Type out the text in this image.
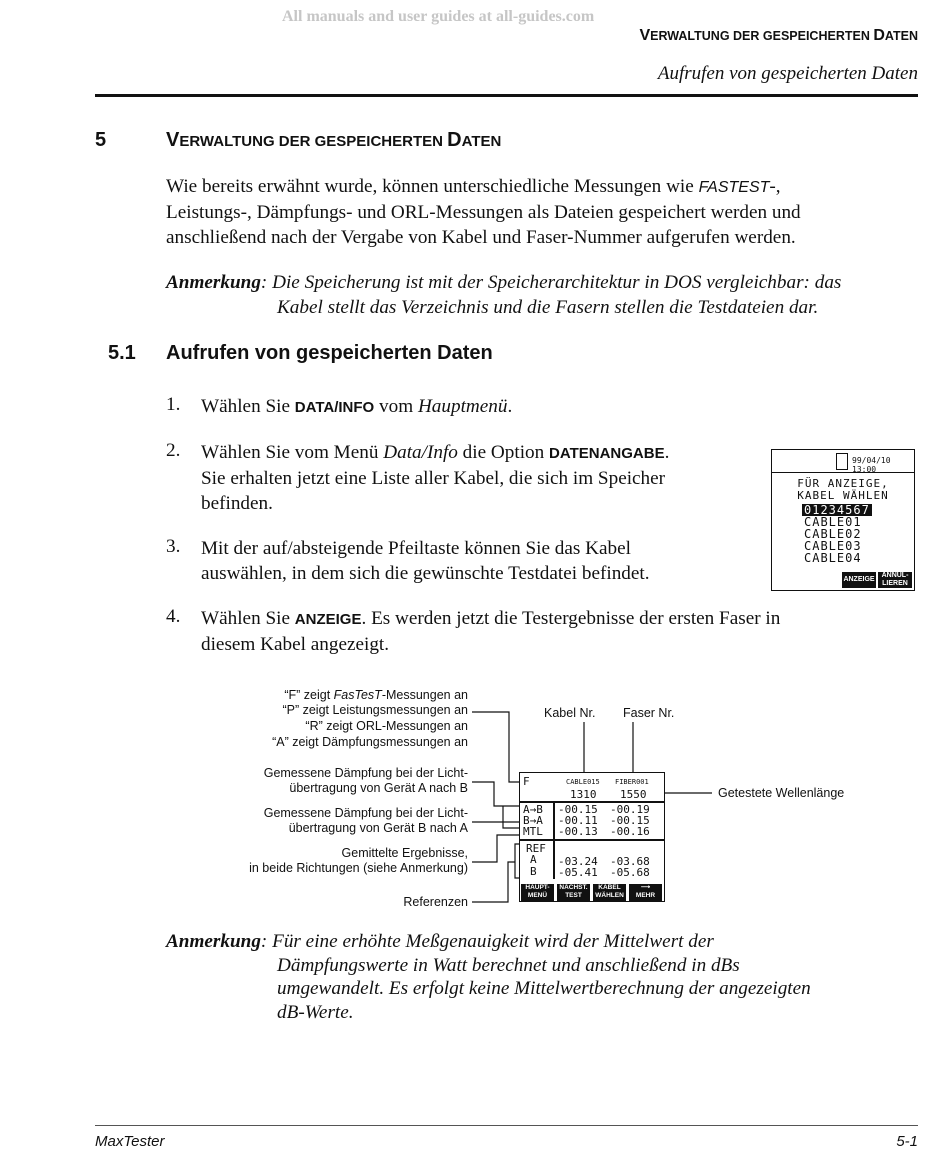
All manuals and user guides at all-guides.com
VERWALTUNG DER GESPEICHERTEN DATEN
Aufrufen von gespeicherten Daten
5	VERWALTUNG DER GESPEICHERTEN DATEN
Wie bereits erwähnt wurde, können unterschiedliche Messungen wie FASTEST-,
Leistungs-, Dämpfungs- und ORL-Messungen als Dateien gespeichert werden und
anschließend nach der Vergabe von Kabel und Faser-Nummer aufgerufen werden.
Anmerkung: Die Speicherung ist mit der Speicherarchitektur in DOS vergleichbar: das
Kabel stellt das Verzeichnis und die Fasern stellen die Testdateien dar.
5.1 Aufrufen von gespeicherten Daten
1. Wählen Sie DATA/INFO vom Hauptmenü.
2. Wählen Sie vom Menü Data/Info die Option DATENANGABE.
Sie erhalten jetzt eine Liste aller Kabel, die sich im Speicher
befinden.
3. Mit der auf/absteigende Pfeiltaste können Sie das Kabel
auswählen, in dem sich die gewünschte Testdatei befindet.
4. Wählen Sie ANZEIGE. Es werden jetzt die Testergebnisse der ersten Faser in
diesem Kabel angezeigt.
99/04/10 13:00
FÜR ANZEIGE,
KABEL WÄHLEN
01234567
CABLE01
CABLE02
CABLE03
CABLE04
ANZEIGE
ANNUL-
LIEREN
“F” zeigt FasTesT-Messungen an
“P” zeigt Leistungsmessungen an
“R” zeigt ORL-Messungen an
“A” zeigt Dämpfungsmessungen an
Gemessene Dämpfung bei der Licht-
übertragung von Gerät A nach B
Gemessene Dämpfung bei der Licht-
übertragung von Gerät B nach A
Gemittelte Ergebnisse,
in beide Richtungen (siehe Anmerkung)
Referenzen
Kabel Nr. Faser Nr.
Getestete Wellenlänge
F	CABLE015 FIBER001
1310 1550
A→B -00.15 -00.19
B→A -00.11 -00.15
MTL -00.13 -00.16
REF
A -03.24 -03.68
B -05.41 -05.68
HAUPT-
MENÜ
NÄCHST.
TEST
KABEL
WÄHLEN
⟶
MEHR
Anmerkung: Für eine erhöhte Meßgenauigkeit wird der Mittelwert der
Dämpfungswerte in Watt berechnet und anschließend in dBs
umgewandelt. Es erfolgt keine Mittelwertberechnung der angezeigten
dB-Werte.
MaxTester	5-1
